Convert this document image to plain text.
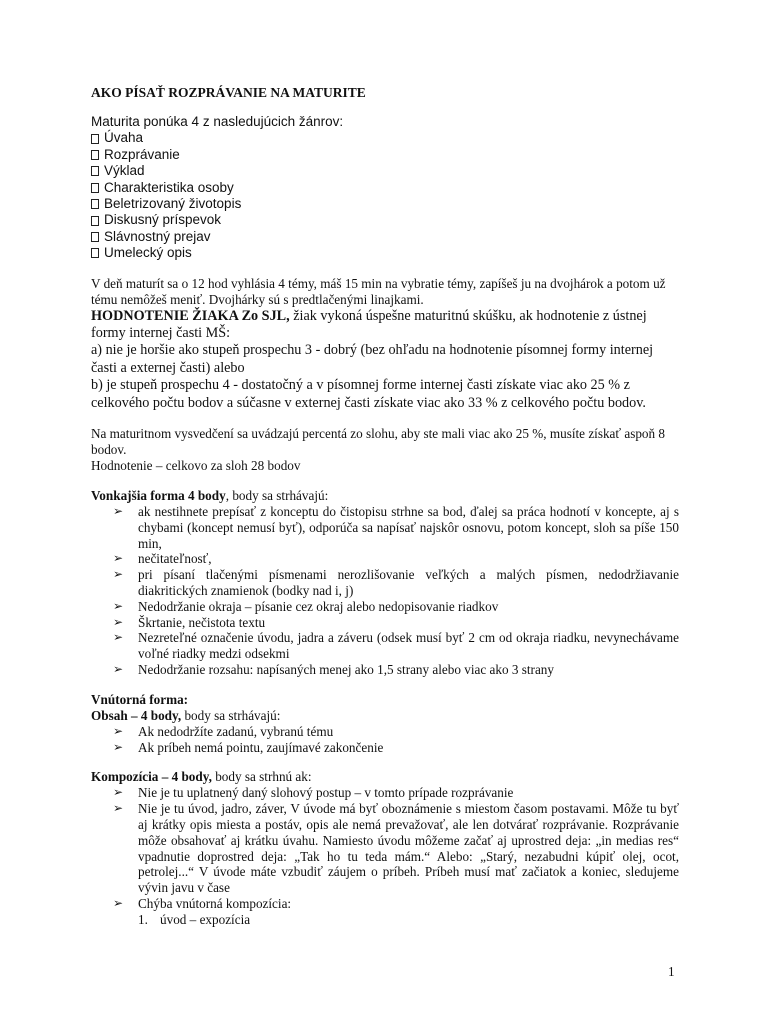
AKO PÍSAŤ ROZPRÁVANIE NA MATURITE

Maturita ponúka 4 z nasledujúcich žánrov:

Úvaha
Rozprávanie
Výklad
Charakteristika osoby
Beletrizovaný životopis
Diskusný príspevok
Slávnostný prejav
Umelecký opis

V deň maturít sa o 12 hod vyhlásia 4 témy, máš 15 min na vybratie témy, zapíšeš ju na dvojhárok a potom už tému nemôžeš meniť. Dvojhárky sú s predtlačenými linajkami.

HODNOTENIE ŽIAKA Zo SJL, žiak vykoná úspešne maturitnú skúšku, ak hodnotenie z ústnej formy internej časti MŠ:

a) nie je horšie ako stupeň prospechu 3 - dobrý (bez ohľadu na hodnotenie písomnej formy internej časti a externej časti) alebo

b) je stupeň prospechu 4 - dostatočný a v písomnej forme internej časti získate viac ako 25 % z celkového počtu bodov a súčasne v externej časti získate viac ako 33 % z celkového počtu bodov.

Na maturitnom vysvedčení sa uvádzajú percentá zo slohu, aby ste mali viac ako 25 %, musíte získať aspoň 8 bodov.

Hodnotenie – celkovo za sloh 28 bodov

Vonkajšia forma 4 body, body sa strhávajú:

➢ ak nestihnete prepísať z konceptu do čistopisu strhne sa bod, ďalej sa práca hodnotí v koncepte, aj s chybami (koncept nemusí byť), odporúča sa napísať najskôr osnovu, potom koncept, sloh sa píše 150 min,
➢ nečitateľnosť,
➢ pri písaní tlačenými písmenami nerozlišovanie veľkých a malých písmen, nedodržiavanie diakritických znamienok (bodky nad i, j)
➢ Nedodržanie okraja – písanie cez okraj alebo nedopisovanie riadkov
➢ Škrtanie, nečistota textu
➢ Nezreteľné označenie úvodu, jadra a záveru (odsek musí byť 2 cm od okraja riadku, nevynechávame voľné riadky medzi odsekmi
➢ Nedodržanie rozsahu: napísaných menej ako 1,5 strany alebo viac ako 3 strany

Vnútorná forma:

Obsah – 4 body, body sa strhávajú:

➢ Ak nedodržíte zadanú, vybranú tému
➢ Ak príbeh nemá pointu, zaujímavé zakončenie

Kompozícia – 4 body, body sa strhnú ak:

➢ Nie je tu uplatnený daný slohový postup – v tomto prípade rozprávanie
➢ Nie je tu úvod, jadro, záver, V úvode má byť oboznámenie s miestom časom postavami. Môže tu byť aj krátky opis miesta a postáv, opis ale nemá prevažovať, ale len dotvárať rozprávanie. Rozprávanie môže obsahovať aj krátku úvahu. Namiesto úvodu môžeme začať aj uprostred deja: „in medias res“ vpadnutie doprostred deja: „Tak ho tu teda mám.“ Alebo: „Starý, nezabudni kúpiť olej, ocot, petrolej...“ V úvode máte vzbudiť záujem o príbeh. Príbeh musí mať začiatok a koniec, sledujeme vývin javu v čase
➢ Chýba vnútorná kompozícia:
1. úvod – expozícia
1
